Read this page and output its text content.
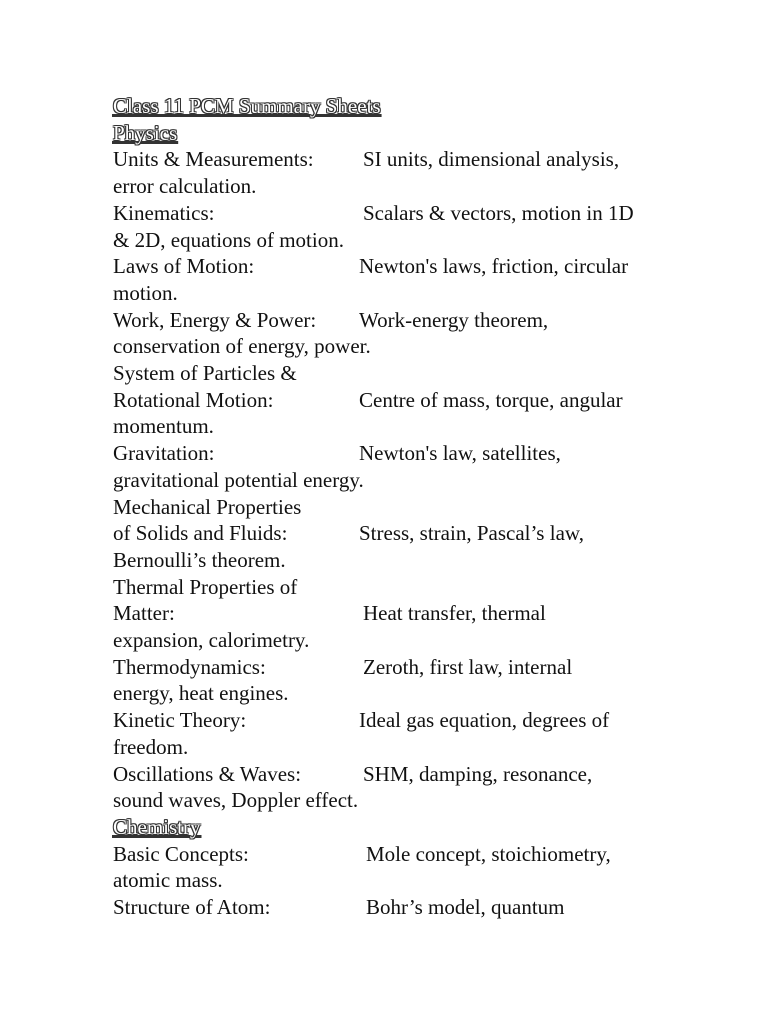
Class 11 PCM Summary Sheets
Physics
Units & Measurements: SI units, dimensional analysis,
error calculation.
Kinematics:	Scalars & vectors, motion in 1D
& 2D, equations of motion.
Laws of Motion:	Newton's laws, friction, circular
motion.
Work, Energy & Power: Work-energy theorem,
conservation of energy, power.
System of Particles &
Rotational Motion:	Centre of mass, torque, angular
momentum.
Gravitation:	Newton's law, satellites,
gravitational potential energy.
Mechanical Properties
of Solids and Fluids:	Stress, strain, Pascal’s law,
Bernoulli’s theorem.
Thermal Properties of
Matter:	Heat transfer, thermal
expansion, calorimetry.
Thermodynamics:	Zeroth, first law, internal
energy, heat engines.
Kinetic Theory:	Ideal gas equation, degrees of
freedom.
Oscillations & Waves:	SHM, damping, resonance,
sound waves, Doppler effect.
Chemistry
Basic Concepts:	Mole concept, stoichiometry,
atomic mass.
Structure of Atom:	Bohr’s model, quantum
